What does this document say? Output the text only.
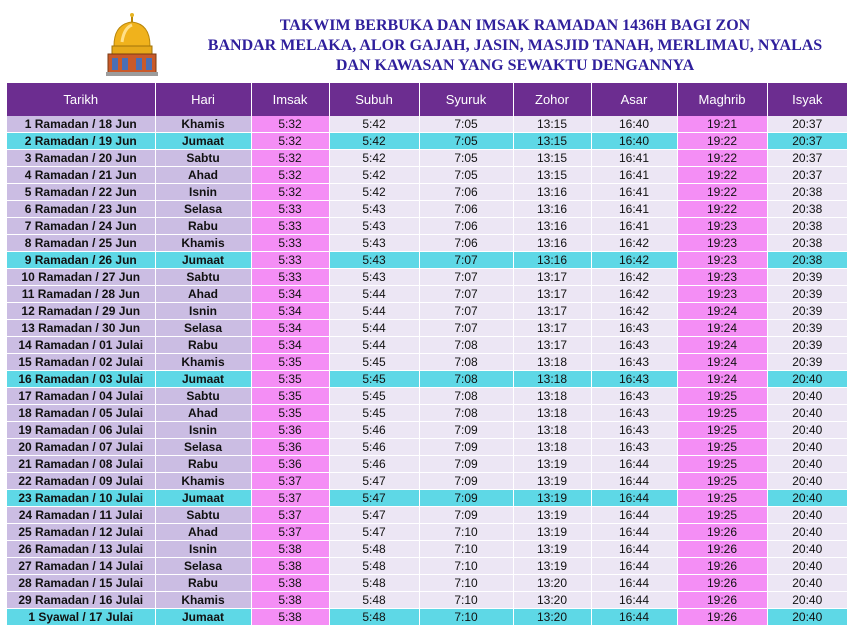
TAKWIM BERBUKA DAN IMSAK RAMADAN 1436H BAGI ZON
BANDAR MELAKA, ALOR GAJAH, JASIN, MASJID TANAH, MERLIMAU, NYALAS
DAN KAWASAN YANG SEWAKTU DENGANNYA
Tarikh	Hari	Imsak	Subuh	Syuruk	Zohor	Asar	Maghrib	Isyak
1 Ramadan / 18 Jun	Khamis	5:32	5:42	7:05	13:15	16:40	19:21	20:37
2 Ramadan / 19 Jun	Jumaat	5:32	5:42	7:05	13:15	16:40	19:22	20:37
3 Ramadan / 20 Jun	Sabtu	5:32	5:42	7:05	13:15	16:41	19:22	20:37
4 Ramadan / 21 Jun	Ahad	5:32	5:42	7:05	13:15	16:41	19:22	20:37
5 Ramadan / 22 Jun	Isnin	5:32	5:42	7:06	13:16	16:41	19:22	20:38
6 Ramadan / 23 Jun	Selasa	5:33	5:43	7:06	13:16	16:41	19:22	20:38
7 Ramadan / 24 Jun	Rabu	5:33	5:43	7:06	13:16	16:41	19:23	20:38
8 Ramadan / 25 Jun	Khamis	5:33	5:43	7:06	13:16	16:42	19:23	20:38
9 Ramadan / 26 Jun	Jumaat	5:33	5:43	7:07	13:16	16:42	19:23	20:38
10 Ramadan / 27 Jun	Sabtu	5:33	5:43	7:07	13:17	16:42	19:23	20:39
11 Ramadan / 28 Jun	Ahad	5:34	5:44	7:07	13:17	16:42	19:23	20:39
12 Ramadan / 29 Jun	Isnin	5:34	5:44	7:07	13:17	16:42	19:24	20:39
13 Ramadan / 30 Jun	Selasa	5:34	5:44	7:07	13:17	16:43	19:24	20:39
14 Ramadan / 01 Julai	Rabu	5:34	5:44	7:08	13:17	16:43	19:24	20:39
15 Ramadan / 02 Julai	Khamis	5:35	5:45	7:08	13:18	16:43	19:24	20:39
16 Ramadan / 03 Julai	Jumaat	5:35	5:45	7:08	13:18	16:43	19:24	20:40
17 Ramadan / 04 Julai	Sabtu	5:35	5:45	7:08	13:18	16:43	19:25	20:40
18 Ramadan / 05 Julai	Ahad	5:35	5:45	7:08	13:18	16:43	19:25	20:40
19 Ramadan / 06 Julai	Isnin	5:36	5:46	7:09	13:18	16:43	19:25	20:40
20 Ramadan / 07 Julai	Selasa	5:36	5:46	7:09	13:18	16:43	19:25	20:40
21 Ramadan / 08 Julai	Rabu	5:36	5:46	7:09	13:19	16:44	19:25	20:40
22 Ramadan / 09 Julai	Khamis	5:37	5:47	7:09	13:19	16:44	19:25	20:40
23 Ramadan / 10 Julai	Jumaat	5:37	5:47	7:09	13:19	16:44	19:25	20:40
24 Ramadan / 11 Julai	Sabtu	5:37	5:47	7:09	13:19	16:44	19:25	20:40
25 Ramadan / 12 Julai	Ahad	5:37	5:47	7:10	13:19	16:44	19:26	20:40
26 Ramadan / 13 Julai	Isnin	5:38	5:48	7:10	13:19	16:44	19:26	20:40
27 Ramadan / 14 Julai	Selasa	5:38	5:48	7:10	13:19	16:44	19:26	20:40
28 Ramadan / 15 Julai	Rabu	5:38	5:48	7:10	13:20	16:44	19:26	20:40
29 Ramadan / 16 Julai	Khamis	5:38	5:48	7:10	13:20	16:44	19:26	20:40
1 Syawal / 17 Julai	Jumaat	5:38	5:48	7:10	13:20	16:44	19:26	20:40
